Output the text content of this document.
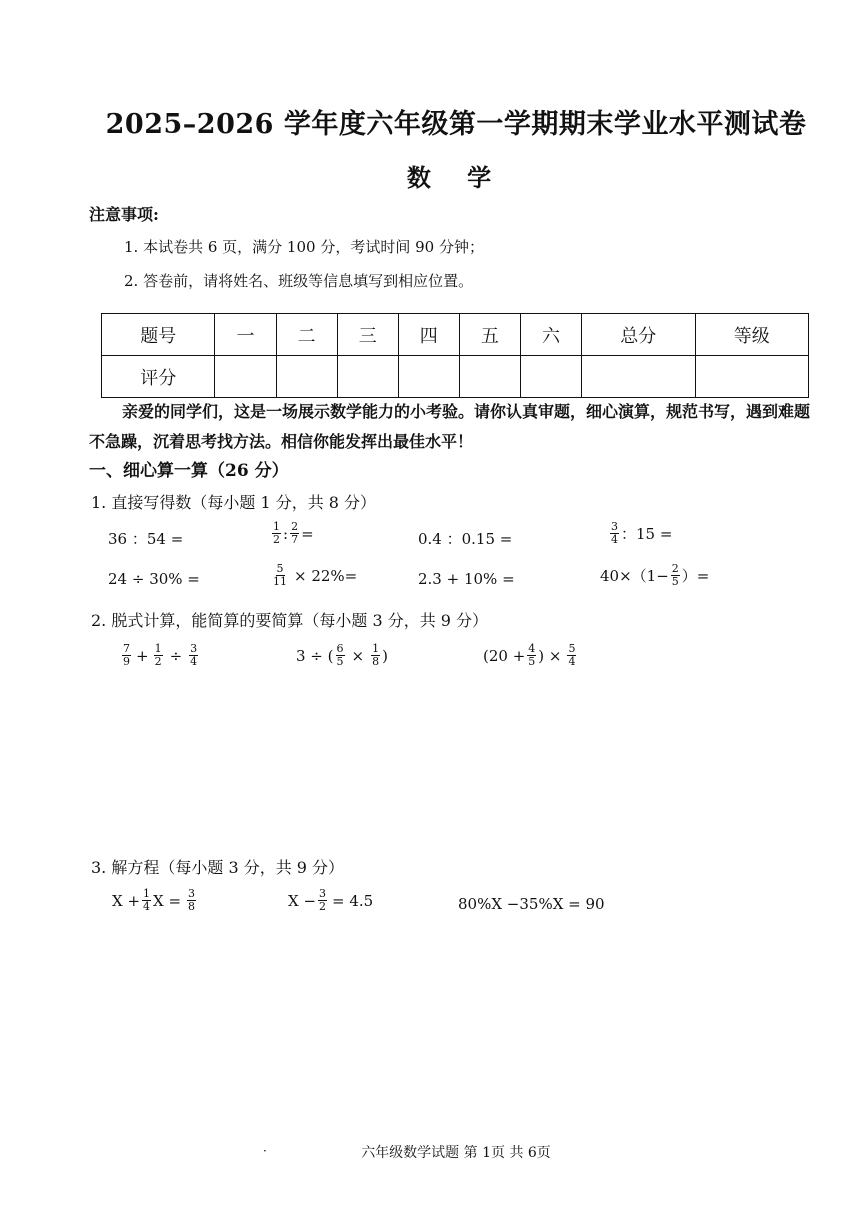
2025–2026 学年度六年级第一学期期末学业水平测试卷
数 学
注意事项:
1. 本试卷共 6 页，满分 100 分，考试时间 90 分钟；
2. 答卷前，请将姓名、班级等信息填写到相应位置。
题号	一	二	三	四	五	六	总分	等级
评分								
亲爱的同学们，这是一场展示数学能力的小考验。请你认真审题，细心演算，规范书写，遇到难题不急躁，沉着思考找方法。相信你能发挥出最佳水平！
一、细心算一算（26 分）
1. 直接写得数（每小题 1 分，共 8 分）
36 ：54 =	$\frac{1}{2}$ : $\frac{2}{7}$ =	0.4 ：0.15 =	$\frac{3}{4}$ ：15 =
24 ÷ 30% =	$\frac{5}{11} \times 22\%=$	2.3 + 10% =	$40\times(1- \frac{2}{5}$ ）=
2. 脱式计算，能简算的要简算（每小题 3 分，共 9 分）
$\frac{7}{9} + \frac{1}{2} \div \frac{3}{4}$	3 ÷ ( $\frac{6}{5} \times \frac{1}{8}$ )	($20 + \frac{4}{5}$ ) × $\frac{5}{4}$
3. 解方程（每小题 3 分，共 9 分）
$X + \frac{1}{4}$ $X = \frac{3}{8}$	$X - \frac{3}{2} = 4.5$	80%X −35%X = 90
·	六年级数学试题 第 1页 共 6页
